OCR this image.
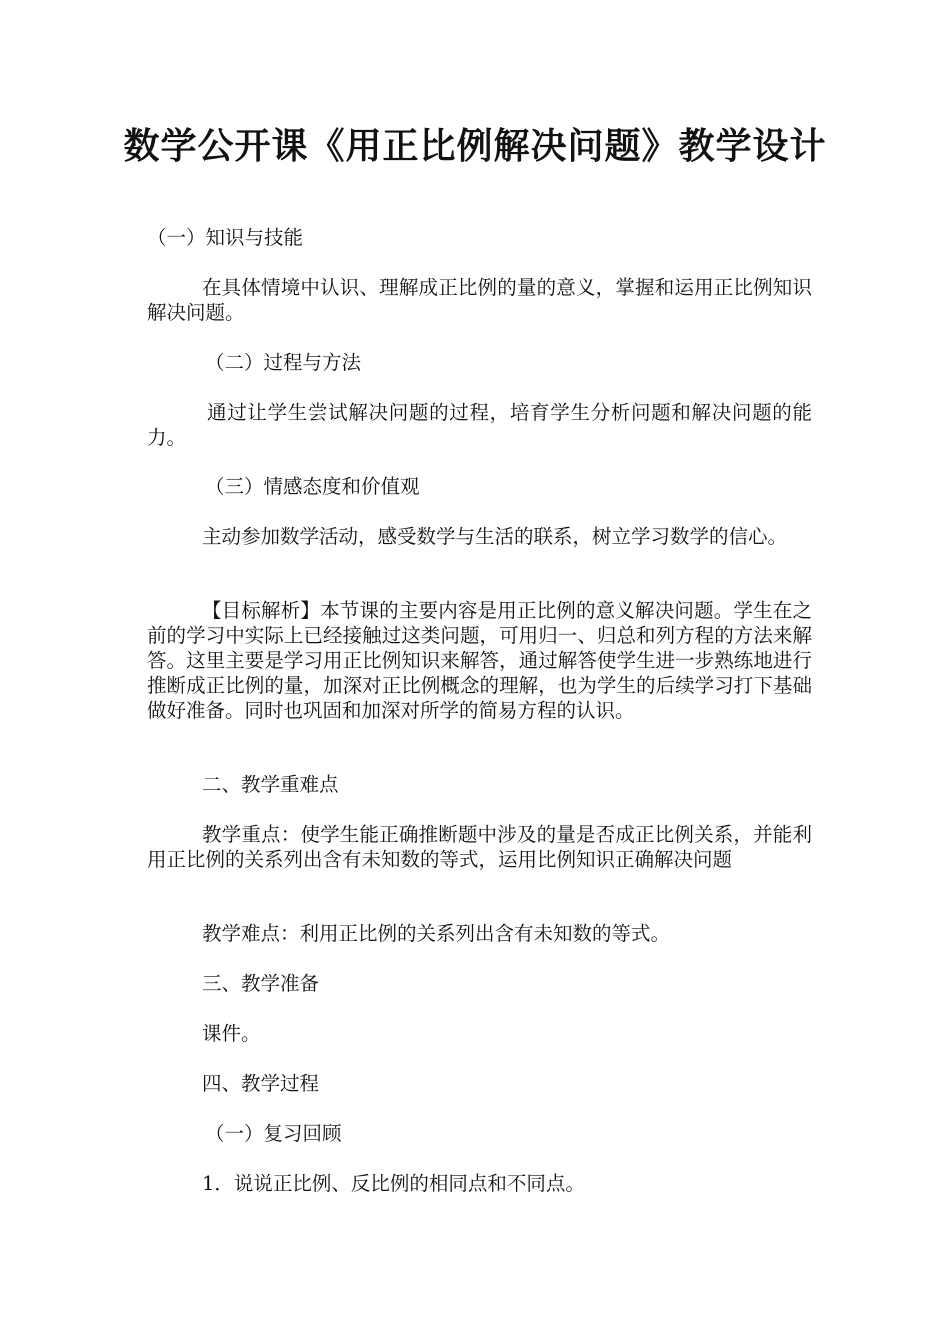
数学公开课《用正比例解决问题》教学设计

（一）知识与技能

在具体情境中认识、理解成正比例的量的意义，掌握和运用正比例知识解决问题。

（二）过程与方法

通过让学生尝试解决问题的过程，培育学生分析问题和解决问题的能力。

（三）情感态度和价值观

主动参加数学活动，感受数学与生活的联系，树立学习数学的信心。

【目标解析】本节课的主要内容是用正比例的意义解决问题。学生在之前的学习中实际上已经接触过这类问题，可用归一、归总和列方程的方法来解答。这里主要是学习用正比例知识来解答，通过解答使学生进一步熟练地进行推断成正比例的量，加深对正比例概念的理解，也为学生的后续学习打下基础做好准备。同时也巩固和加深对所学的简易方程的认识。

二、教学重难点

教学重点：使学生能正确推断题中涉及的量是否成正比例关系，并能利用正比例的关系列出含有未知数的等式，运用比例知识正确解决问题

教学难点：利用正比例的关系列出含有未知数的等式。

三、教学准备

课件。

四、教学过程

（一）复习回顾

1．说说正比例、反比例的相同点和不同点。
